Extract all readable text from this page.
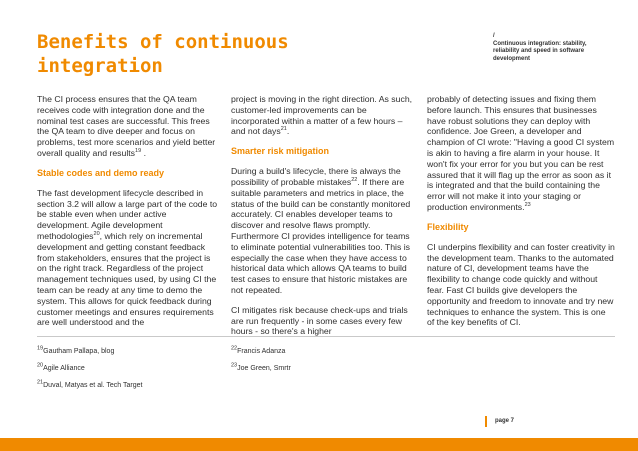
Benefits of continuous integration
/
Continuous integration: stability, reliability and speed in software development

The CI process ensures that the QA team receives code with integration done and the nominal test cases are successful. This frees the QA team to dive deeper and focus on problems, test more scenarios and yield better overall quality and results$^{19}$ .

Stable codes and demo ready

The fast development lifecycle described in section 3.2 will allow a large part of the code to be stable even when under active development. Agile development methodologies$^{20}$, which rely on incremental development and getting constant feedback from stakeholders, ensures that the project is on the right track. Regardless of the project management techniques used, by using CI the team can be ready at any time to demo the system. This allows for quick feedback during customer meetings and ensures requirements are well understood and the

project is moving in the right direction. As such, customer-led improvements can be incorporated within a matter of a few hours – and not days$^{21}$.

Smarter risk mitigation

During a build's lifecycle, there is always the possibility of probable mistakes$^{22}$. If there are suitable parameters and metrics in place, the status of the build can be constantly monitored accurately. CI enables developer teams to discover and resolve flaws promptly. Furthermore CI provides intelligence for teams to eliminate potential vulnerabilities too. This is especially the case when they have access to historical data which allows QA teams to build test cases to ensure that historic mistakes are not repeated.

CI mitigates risk because check-ups and trials are run frequently - in some cases every few hours - so there's a higher

probably of detecting issues and fixing them before launch. This ensures that businesses have robust solutions they can deploy with confidence. Joe Green, a developer and champion of CI wrote: "Having a good CI system is akin to having a fire alarm in your house. It won't fix your error for you but you can be rest assured that it will flag up the error as soon as it is integrated and that the build containing the error will not make it into your staging or production environments.$^{23}$

Flexibility

CI underpins flexibility and can foster creativity in the development team. Thanks to the automated nature of CI, development teams have the flexibility to change code quickly and without fear. Fast CI builds give developers the opportunity and freedom to innovate and try new techniques to enhance the system. This is one of the key benefits of CI.

$^{19}$Gautham Pallapa, blog
$^{20}$Agile Alliance
$^{21}$Duval, Matyas et al. Tech Target
$^{22}$Francis Adanza
$^{23}$Joe Green, Smrtr
page 7
